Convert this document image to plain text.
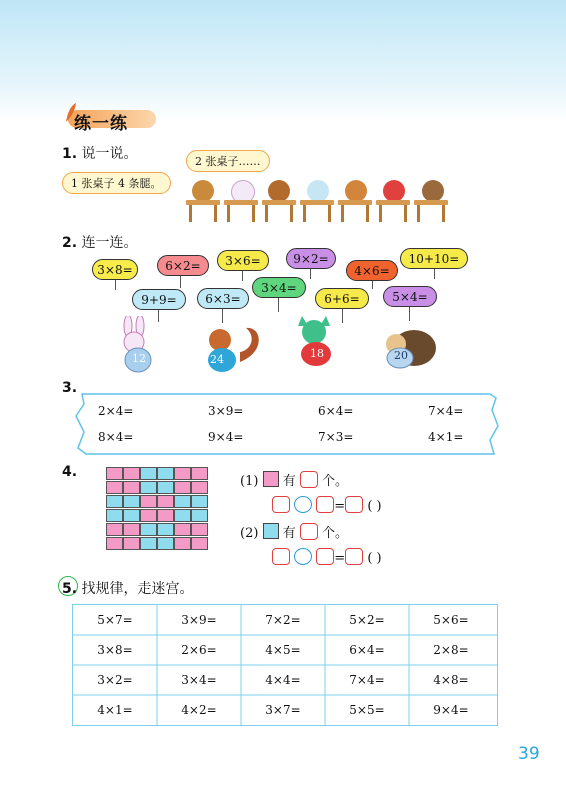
练一练
1. 说一说。
1 张桌子 4 条腿。
2 张桌子……
2. 连一连。
3×8=	6×2=	3×6=	9×2=
4×6=
10+10=
9+9=	6×3=
3×4=
6+6=	5×4=
12	24	18	20
3.
2×4=	3×9=	6×4=	7×4=
8×4=	9×4=	7×3=	4×1=
4.
(1) 有 个。
= ( )
(2) 有 个。
= ( )
5. 找规律，走迷宫。
5×7=	3×9=	7×2=	5×2=	5×6=
3×8=	2×6=	4×5=	6×4=	2×8=
3×2=	3×4=	4×4=	7×4=	4×8=
4×1=	4×2=	3×7=	5×5=	9×4=
39
